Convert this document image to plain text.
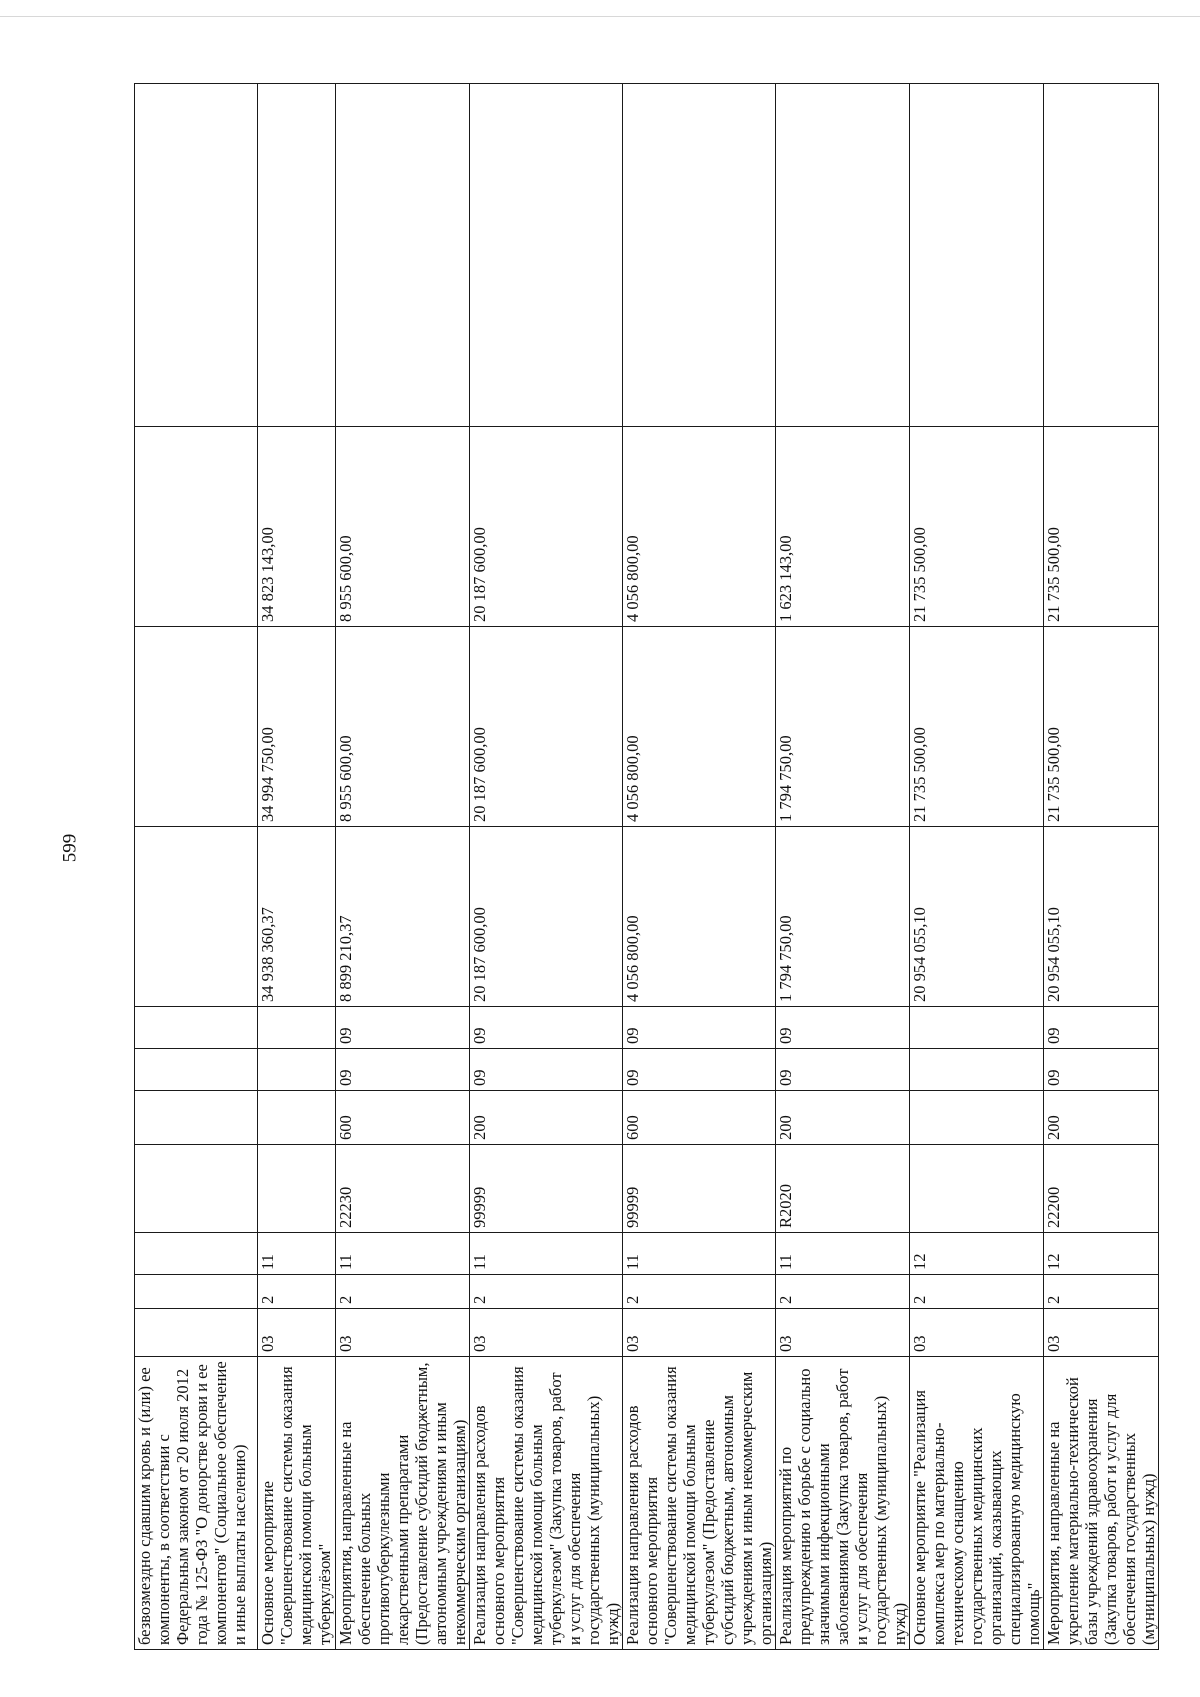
599
безвозмездно сдавшим кровь и (или) ее компоненты, в соответствии с Федеральным законом от 20 июля 2012 года № 125-ФЗ "О донорстве крови и ее компонентов" (Социальное обеспечение и иные выплаты населению)											
Основное мероприятие "Совершенствование системы оказания медицинской помощи больным туберкулёзом"	03	2	11					34 938 360,37	34 994 750,00	34 823 143,00	
Мероприятия, направленные на обеспечение больных противотуберкулезными лекарственными препаратами (Предоставление субсидий бюджетным, автономным учреждениям и иным некоммерческим организациям)	03	2	11	22230	600	09	09	8 899 210,37	8 955 600,00	8 955 600,00	
Реализация направления расходов основного мероприятия "Совершенствование системы оказания медицинской помощи больным туберкулезом" (Закупка товаров, работ и услуг для обеспечения государственных (муниципальных) нужд)	03	2	11	99999	200	09	09	20 187 600,00	20 187 600,00	20 187 600,00	
Реализация направления расходов основного мероприятия "Совершенствование системы оказания медицинской помощи больным туберкулезом" (Предоставление субсидий бюджетным, автономным учреждениям и иным некоммерческим организациям)	03	2	11	99999	600	09	09	4 056 800,00	4 056 800,00	4 056 800,00	
Реализация мероприятий по предупреждению и борьбе с социально значимыми инфекционными заболеваниями (Закупка товаров, работ и услуг для обеспечения государственных (муниципальных) нужд)	03	2	11	R2020	200	09	09	1 794 750,00	1 794 750,00	1 623 143,00	
Основное мероприятие "Реализация комплекса мер по материально-техническому оснащению государственных медицинских организаций, оказывающих специализированную медицинскую помощь"	03	2	12					20 954 055,10	21 735 500,00	21 735 500,00	
Мероприятия, направленные на укрепление материально-технической базы учреждений здравоохранения (Закупка товаров, работ и услуг для обеспечения государственных (муниципальных) нужд)	03	2	12	22200	200	09	09	20 954 055,10	21 735 500,00	21 735 500,00	
